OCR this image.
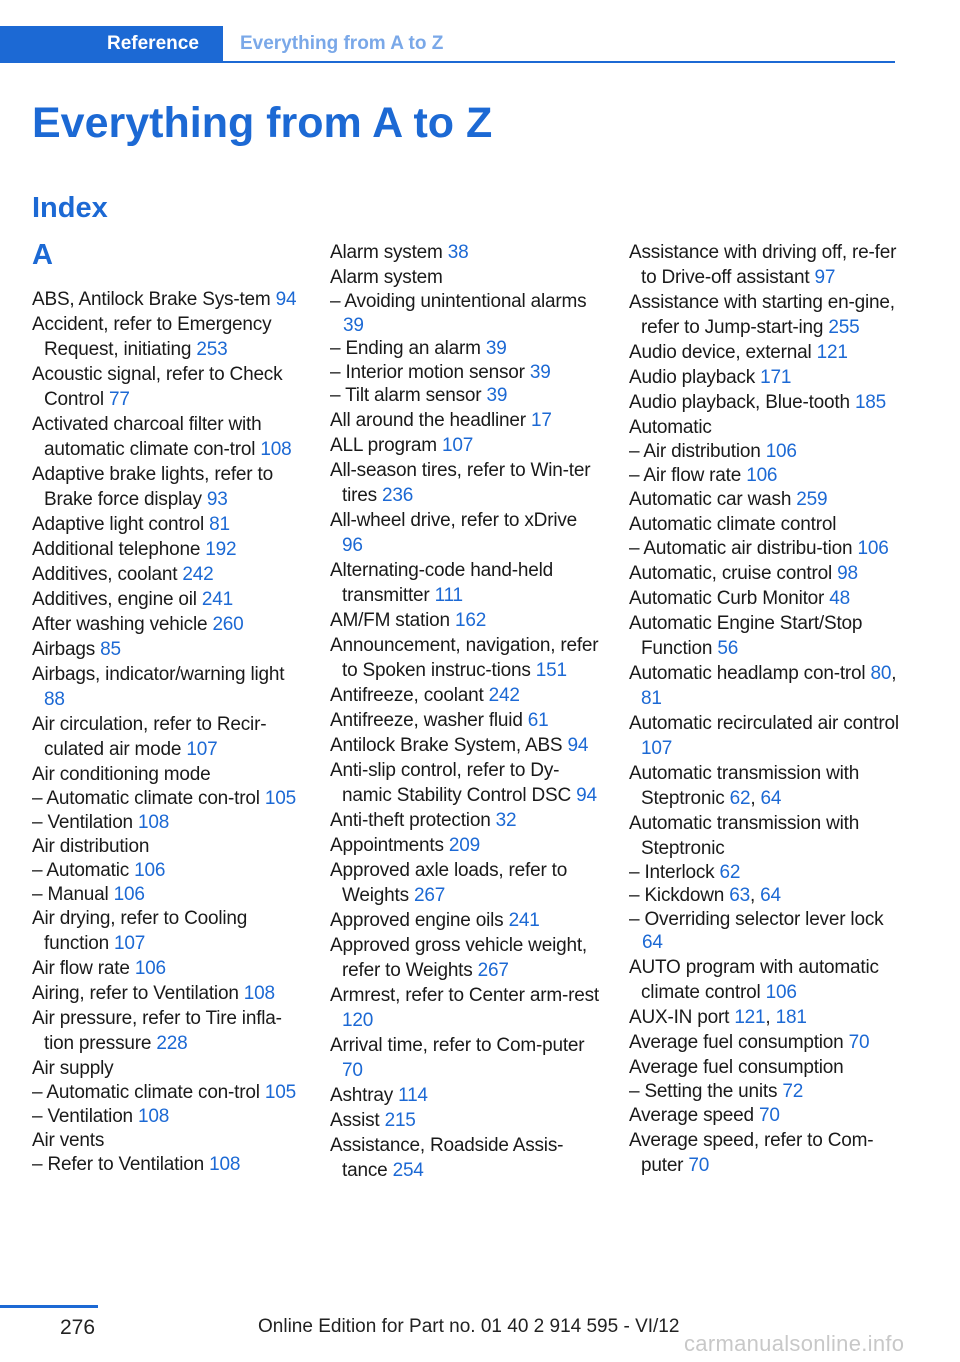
Reference	Everything from A to Z
Everything from A to Z
Index
A
ABS, Antilock Brake Sys‐tem 94
Accident, refer to Emergency Request, initiating 253
Acoustic signal, refer to Check Control 77
Activated charcoal filter with automatic climate con‐trol 108
Adaptive brake lights, refer to Brake force display 93
Adaptive light control 81
Additional telephone 192
Additives, coolant 242
Additives, engine oil 241
After washing vehicle 260
Airbags 85
Airbags, indicator/warning light 88
Air circulation, refer to Recir‐culated air mode 107
Air conditioning mode
– Automatic climate con‐trol 105
– Ventilation 108
Air distribution
– Automatic 106
– Manual 106
Air drying, refer to Cooling function 107
Air flow rate 106
Airing, refer to Ventilation 108
Air pressure, refer to Tire infla‐tion pressure 228
Air supply
– Automatic climate con‐trol 105
– Ventilation 108
Air vents
– Refer to Ventilation 108
Alarm system 38
Alarm system
– Avoiding unintentional alarms 39
– Ending an alarm 39
– Interior motion sensor 39
– Tilt alarm sensor 39
All around the headliner 17
ALL program 107
All-season tires, refer to Win‐ter tires 236
All-wheel drive, refer to xDrive 96
Alternating-code hand-held transmitter 111
AM/FM station 162
Announcement, navigation, refer to Spoken instruc‐tions 151
Antifreeze, coolant 242
Antifreeze, washer fluid 61
Antilock Brake System, ABS 94
Anti-slip control, refer to Dy‐namic Stability Control DSC 94
Anti-theft protection 32
Appointments 209
Approved axle loads, refer to Weights 267
Approved engine oils 241
Approved gross vehicle weight, refer to Weights 267
Armrest, refer to Center arm‐rest 120
Arrival time, refer to Com‐puter 70
Ashtray 114
Assist 215
Assistance, Roadside Assis‐tance 254
Assistance with driving off, re‐fer to Drive-off assistant 97
Assistance with starting en‐gine, refer to Jump-start‐ing 255
Audio device, external 121
Audio playback 171
Audio playback, Blue‐tooth 185
Automatic
– Air distribution 106
– Air flow rate 106
Automatic car wash 259
Automatic climate control
– Automatic air distribu‐tion 106
Automatic, cruise control 98
Automatic Curb Monitor 48
Automatic Engine Start/Stop Function 56
Automatic headlamp con‐trol 80, 81
Automatic recirculated air control 107
Automatic transmission with Steptronic 62, 64
Automatic transmission with Steptronic
– Interlock 62
– Kickdown 63, 64
– Overriding selector lever lock 64
AUTO program with automatic climate control 106
AUX-IN port 121, 181
Average fuel consumption 70
Average fuel consumption
– Setting the units 72
Average speed 70
Average speed, refer to Com‐puter 70
276	Online Edition for Part no. 01 40 2 914 595 - VI/12
carmanualsonline.info
